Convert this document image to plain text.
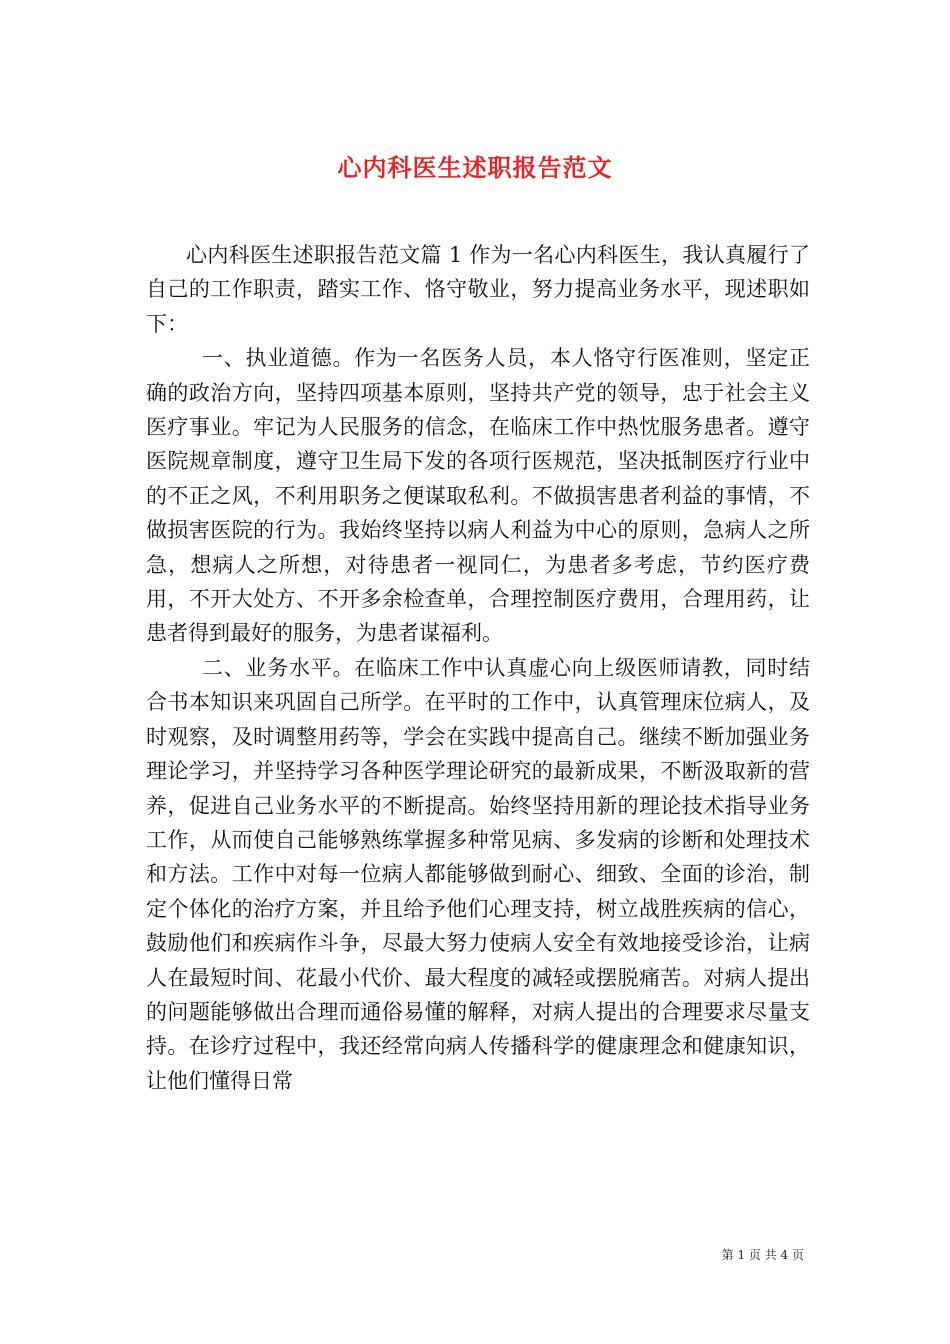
心内科医生述职报告范文

心内科医生述职报告范文篇 1 作为一名心内科医生，我认真履行了自己的工作职责，踏实工作、恪守敬业，努力提高业务水平，现述职如下：

一、执业道德。作为一名医务人员，本人恪守行医准则，坚定正确的政治方向，坚持四项基本原则，坚持共产党的领导，忠于社会主义医疗事业。牢记为人民服务的信念，在临床工作中热忱服务患者。遵守医院规章制度，遵守卫生局下发的各项行医规范，坚决抵制医疗行业中的不正之风，不利用职务之便谋取私利。不做损害患者利益的事情，不做损害医院的行为。我始终坚持以病人利益为中心的原则，急病人之所急，想病人之所想，对待患者一视同仁，为患者多考虑，节约医疗费用，不开大处方、不开多余检查单，合理控制医疗费用，合理用药，让患者得到最好的服务，为患者谋福利。

二、业务水平。在临床工作中认真虚心向上级医师请教，同时结合书本知识来巩固自己所学。在平时的工作中，认真管理床位病人，及时观察，及时调整用药等，学会在实践中提高自己。继续不断加强业务理论学习，并坚持学习各种医学理论研究的最新成果，不断汲取新的营养，促进自己业务水平的不断提高。始终坚持用新的理论技术指导业务工作，从而使自己能够熟练掌握多种常见病、多发病的诊断和处理技术和方法。工作中对每一位病人都能够做到耐心、细致、全面的诊治，制定个体化的治疗方案，并且给予他们心理支持，树立战胜疾病的信心，鼓励他们和疾病作斗争，尽最大努力使病人安全有效地接受诊治，让病人在最短时间、花最小代价、最大程度的减轻或摆脱痛苦。对病人提出的问题能够做出合理而通俗易懂的解释，对病人提出的合理要求尽量支持。在诊疗过程中，我还经常向病人传播科学的健康理念和健康知识，让他们懂得日常

第 1 页 共 4 页
